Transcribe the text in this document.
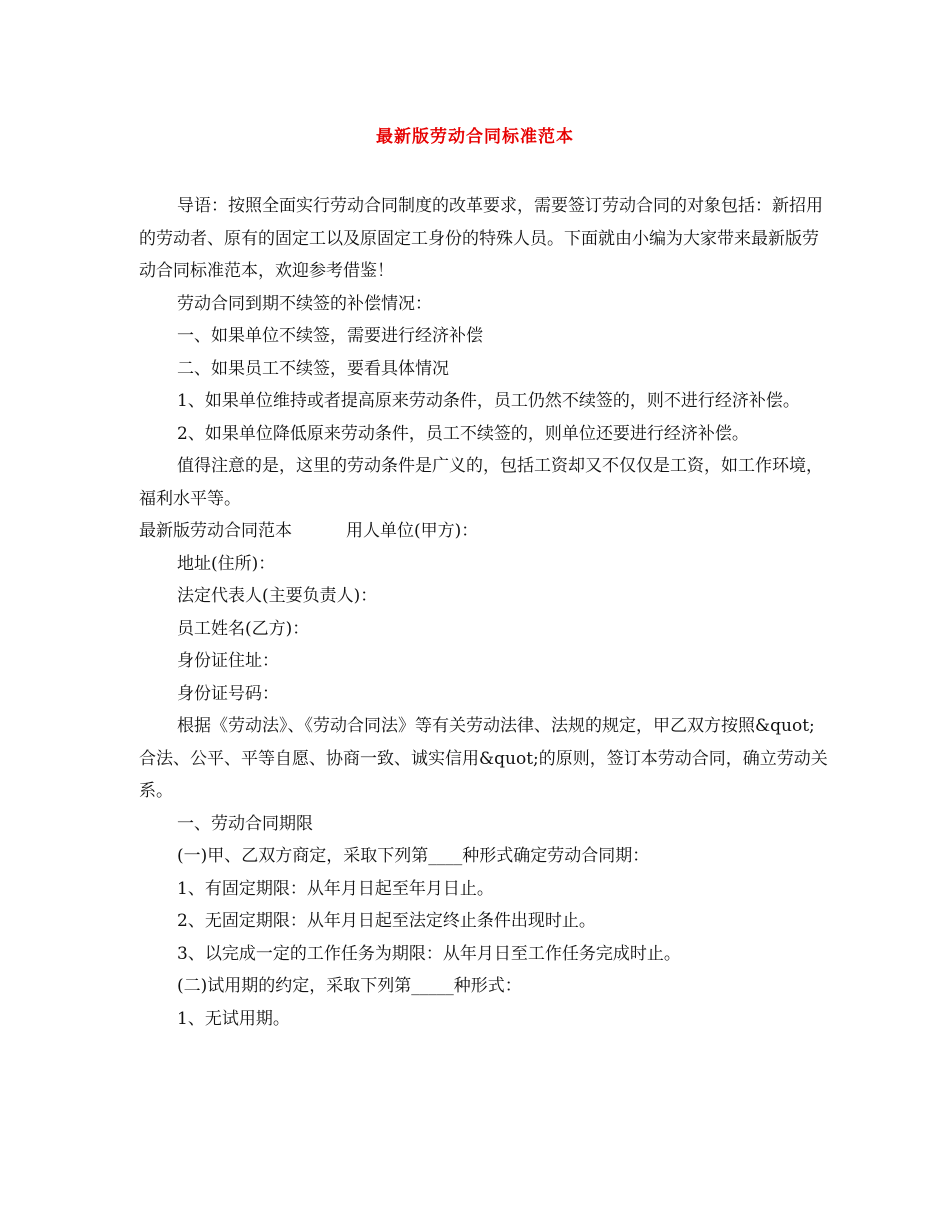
最新版劳动合同标准范本

导语：按照全面实行劳动合同制度的改革要求，需要签订劳动合同的对象包括：新招用的劳动者、原有的固定工以及原固定工身份的特殊人员。下面就由小编为大家带来最新版劳动合同标准范本，欢迎参考借鉴！

劳动合同到期不续签的补偿情况：

一、如果单位不续签，需要进行经济补偿

二、如果员工不续签，要看具体情况

1、如果单位维持或者提高原来劳动条件，员工仍然不续签的，则不进行经济补偿。

2、如果单位降低原来劳动条件，员工不续签的，则单位还要进行经济补偿。

值得注意的是，这里的劳动条件是广义的，包括工资却又不仅仅是工资，如工作环境，福利水平等。

最新版劳动合同范本	用人单位(甲方)：

地址(住所)：

法定代表人(主要负责人)：

员工姓名(乙方)：

身份证住址：

身份证号码：

根据《劳动法》、《劳动合同法》等有关劳动法律、法规的规定，甲乙双方按照&quot;合法、公平、平等自愿、协商一致、诚实信用&quot;的原则，签订本劳动合同，确立劳动关系。

一、劳动合同期限

(一)甲、乙双方商定，采取下列第____种形式确定劳动合同期：

1、有固定期限：从年月日起至年月日止。

2、无固定期限：从年月日起至法定终止条件出现时止。

3、以完成一定的工作任务为期限：从年月日至工作任务完成时止。

(二)试用期的约定，采取下列第_____种形式：

1、无试用期。
